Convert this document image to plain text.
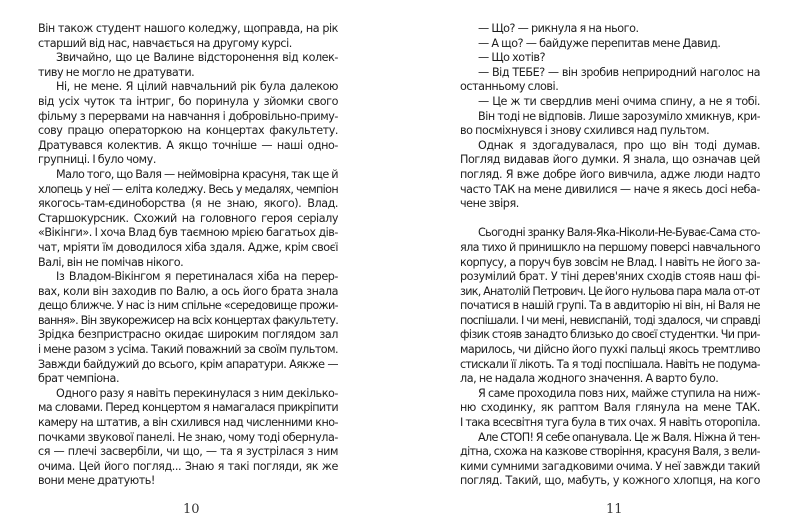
Він також студент нашого коледжу, щоправда, на рік
старший від нас, навчається на другому курсі.
Звичайно, що це Валине відсторонення від колек-
тиву не могло не дратувати.
Ні, не мене. Я цілий навчальний рік була далекою
від усіх чуток та інтриг, бо поринула у зйомки свого
фільму з перервами на навчання і добровільно-приму-
сову працю операторкою на концертах факультету.
Дратувався колектив. А якщо точніше — наші одно-
групниці. І було чому.
Мало того, що Валя — неймовірна красуня, так ще й
хлопець у неї — еліта коледжу. Весь у медалях, чемпіон
якогось-там-єдиноборства (я не знаю, якого). Влад.
Старшокурсник. Схожий на головного героя серіалу
«Вікінги». І хоча Влад був таємною мрією багатьох дів-
чат, мріяти їм доводилося хіба здаля. Адже, крім своєї
Валі, він не помічав нікого.
Із Владом-Вікінгом я перетиналася хіба на перер-
вах, коли він заходив по Валю, а ось його брата знала
дещо ближче. У нас із ним спільне «середовище прожи-
вання». Він звукорежисер на всіх концертах факультету.
Зрідка безпристрасно окидає широким поглядом зал
і мене разом з усіма. Такий поважний за своїм пультом.
Завжди байдужий до всього, крім апаратури. Аякже —
брат чемпіона.
Одного разу я навіть перекинулася з ним декілько-
ма словами. Перед концертом я намагалася прикріпити
камеру на штатив, а він схилився над численними кно-
почками звукової панелі. Не знаю, чому тоді обернула-
ся — плечі засвербіли, чи що, — та я зустрілася з ним
очима. Цей його погляд... Знаю я такі погляди, як же
вони мене дратують!
10
— Що? — рикнула я на нього.
— А що? — байдуже перепитав мене Давид.
— Що хотів?
— Від ТЕБЕ? — він зробив неприродний наголос на
останньому слові.
— Це ж ти свердлив мені очима спину, а не я тобі.
Він тоді не відповів. Лише зарозуміло хмикнув, кри-
во посміхнувся і знову схилився над пультом.
Однак я здогадувалася, про що він тоді думав.
Погляд видавав його думки. Я знала, що означав цей
погляд. Я вже добре його вивчила, адже люди надто
часто ТАК на мене дивилися — наче я якесь досі неба-
чене звіря.
Сьогодні зранку Валя-Яка-Ніколи-Не-Буває-Сама сто-
яла тихо й принишкло на першому поверсі навчального
корпусу, а поруч був зовсім не Влад. І навіть не його за-
розумілий брат. У тіні дерев'яних сходів стояв наш фі-
зик, Анатолій Петрович. Це його нульова пара мала от-от
початися в нашій групі. Та в авдиторію ні він, ні Валя не
поспішали. І чи мені, невиспаній, тоді здалося, чи справді
фізик стояв занадто близько до своєї студентки. Чи при-
марилось, чи дійсно його пухкі пальці якось тремтливо
стискали її лікоть. Та я тоді поспішала. Навіть не подума-
ла, не надала жодного значення. А варто було.
Я саме проходила повз них, майже ступила на ниж-
ню сходинку, як раптом Валя глянула на мене ТАК.
І така всесвітня туга була в тих очах. Я навіть оторопіла.
Але СТОП! Я себе опанувала. Це ж Валя. Ніжна й тен-
дітна, схожа на казкове створіння, красуня Валя, з вели-
кими сумними загадковими очима. У неї завжди такий
погляд. Такий, що, мабуть, у кожного хлопця, на кого
11
